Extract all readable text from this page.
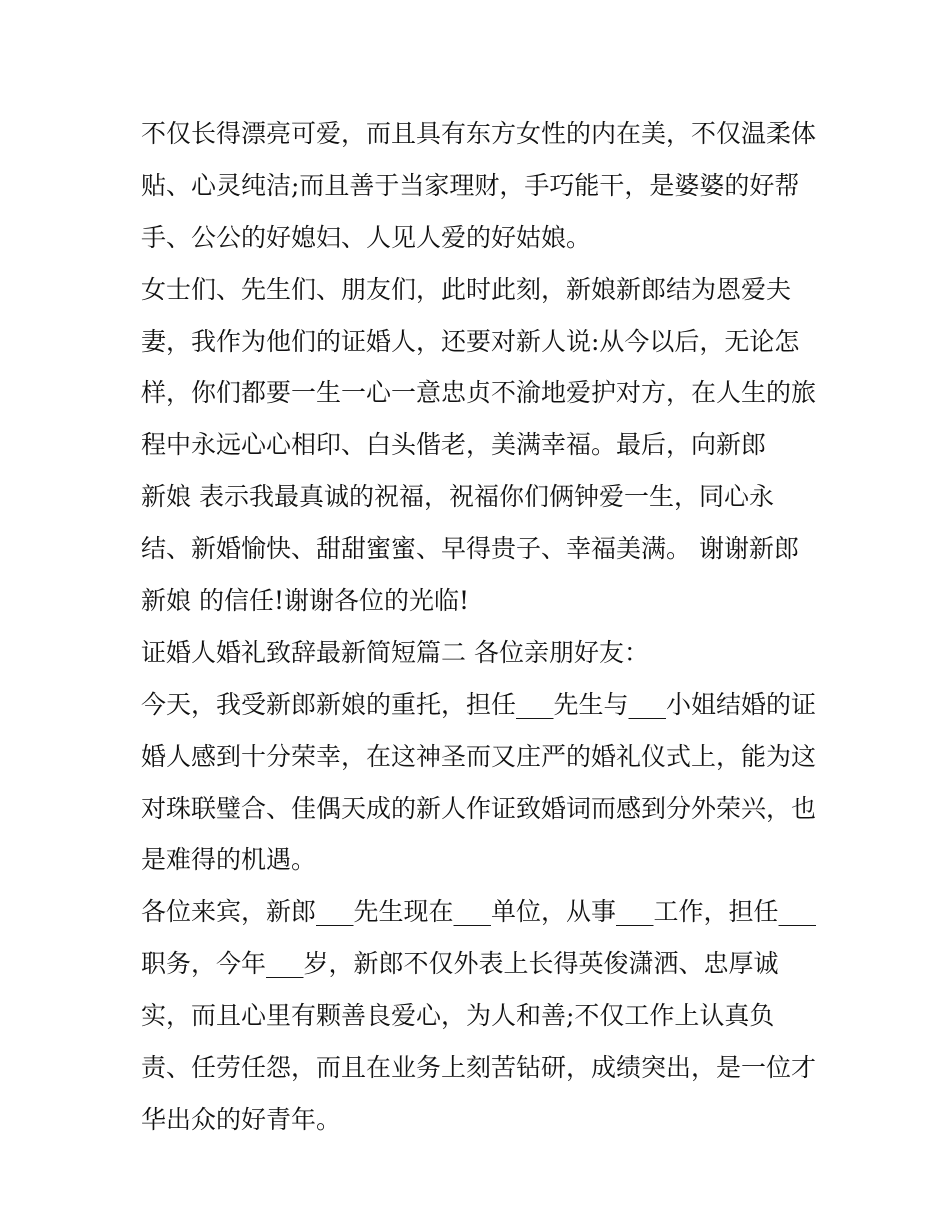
不仅长得漂亮可爱，而且具有东方女性的内在美，不仅温柔体
贴、心灵纯洁;而且善于当家理财，手巧能干，是婆婆的好帮
手、公公的好媳妇、人见人爱的好姑娘。
女士们、先生们、朋友们，此时此刻，新娘新郎结为恩爱夫
妻，我作为他们的证婚人，还要对新人说:从今以后，无论怎
样，你们都要一生一心一意忠贞不渝地爱护对方，在人生的旅
程中永远心心相印、白头偕老，美满幸福。最后，向新郎
新娘 表示我最真诚的祝福，祝福你们俩钟爱一生，同心永
结、新婚愉快、甜甜蜜蜜、早得贵子、幸福美满。 谢谢新郎
新娘 的信任!谢谢各位的光临!
证婚人婚礼致辞最新简短篇二 各位亲朋好友：
今天，我受新郎新娘的重托，担任___先生与___小姐结婚的证
婚人感到十分荣幸，在这神圣而又庄严的婚礼仪式上，能为这
对珠联璧合、佳偶天成的新人作证致婚词而感到分外荣兴，也
是难得的机遇。
各位来宾，新郎___先生现在___单位，从事___工作，担任___
职务，今年___岁，新郎不仅外表上长得英俊潇洒、忠厚诚
实，而且心里有颗善良爱心，为人和善;不仅工作上认真负
责、任劳任怨，而且在业务上刻苦钻研，成绩突出，是一位才
华出众的好青年。
